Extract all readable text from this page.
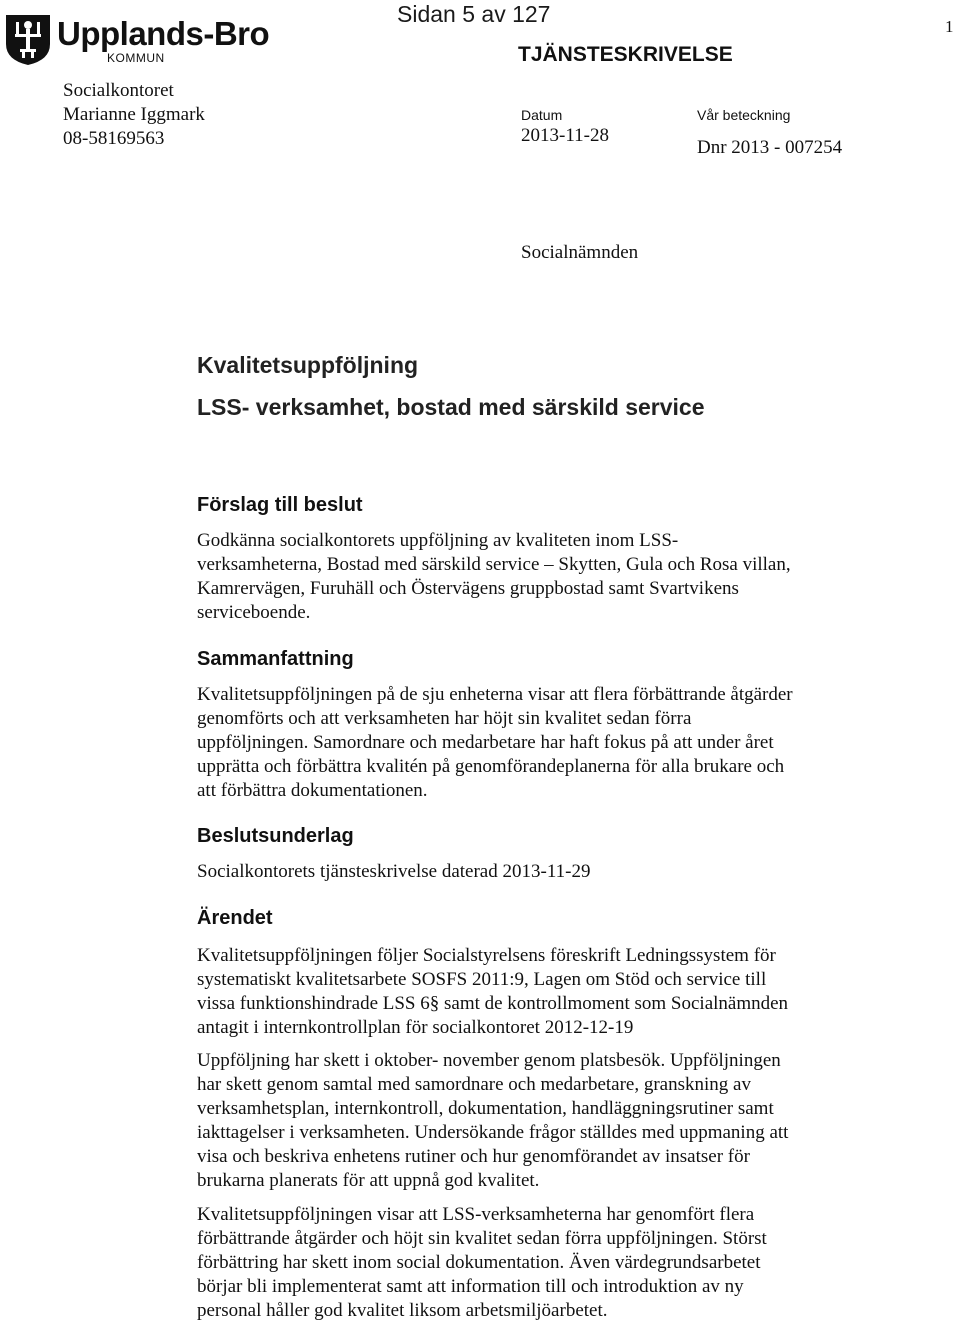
Upplands-Bro
KOMMUN
Sidan 5 av 127	1
TJÄNSTESKRIVELSE
Socialkontoret
Marianne Iggmark
08-58169563
Datum
2013-11-28
Vår beteckning
Dnr 2013 - 007254
Socialnämnden
Kvalitetsuppföljning
LSS- verksamhet, bostad med särskild service
Förslag till beslut
Godkänna socialkontorets uppföljning av kvaliteten inom LSS-
verksamheterna, Bostad med särskild service – Skytten, Gula och Rosa villan,
Kamrervägen, Furuhäll och Östervägens gruppbostad samt Svartvikens
serviceboende.
Sammanfattning
Kvalitetsuppföljningen på de sju enheterna visar att flera förbättrande åtgärder
genomförts och att verksamheten har höjt sin kvalitet sedan förra
uppföljningen. Samordnare och medarbetare har haft fokus på att under året
upprätta och förbättra kvalitén på genomförandeplanerna för alla brukare och
att förbättra dokumentationen.
Beslutsunderlag
Socialkontorets tjänsteskrivelse daterad 2013-11-29
Ärendet
Kvalitetsuppföljningen följer Socialstyrelsens föreskrift Ledningssystem för
systematiskt kvalitetsarbete SOSFS 2011:9, Lagen om Stöd och service till
vissa funktionshindrade LSS 6§ samt de kontrollmoment som Socialnämnden
antagit i internkontrollplan för socialkontoret 2012-12-19
Uppföljning har skett i oktober- november genom platsbesök. Uppföljningen
har skett genom samtal med samordnare och medarbetare, granskning av
verksamhetsplan, internkontroll, dokumentation, handläggningsrutiner samt
iakttagelser i verksamheten. Undersökande frågor ställdes med uppmaning att
visa och beskriva enhetens rutiner och hur genomförandet av insatser för
brukarna planerats för att uppnå god kvalitet.
Kvalitetsuppföljningen visar att LSS-verksamheterna har genomfört flera
förbättrande åtgärder och höjt sin kvalitet sedan förra uppföljningen. Störst
förbättring har skett inom social dokumentation. Även värdegrundsarbetet
börjar bli implementerat samt att information till och introduktion av ny
personal håller god kvalitet liksom arbetsmiljöarbetet.
